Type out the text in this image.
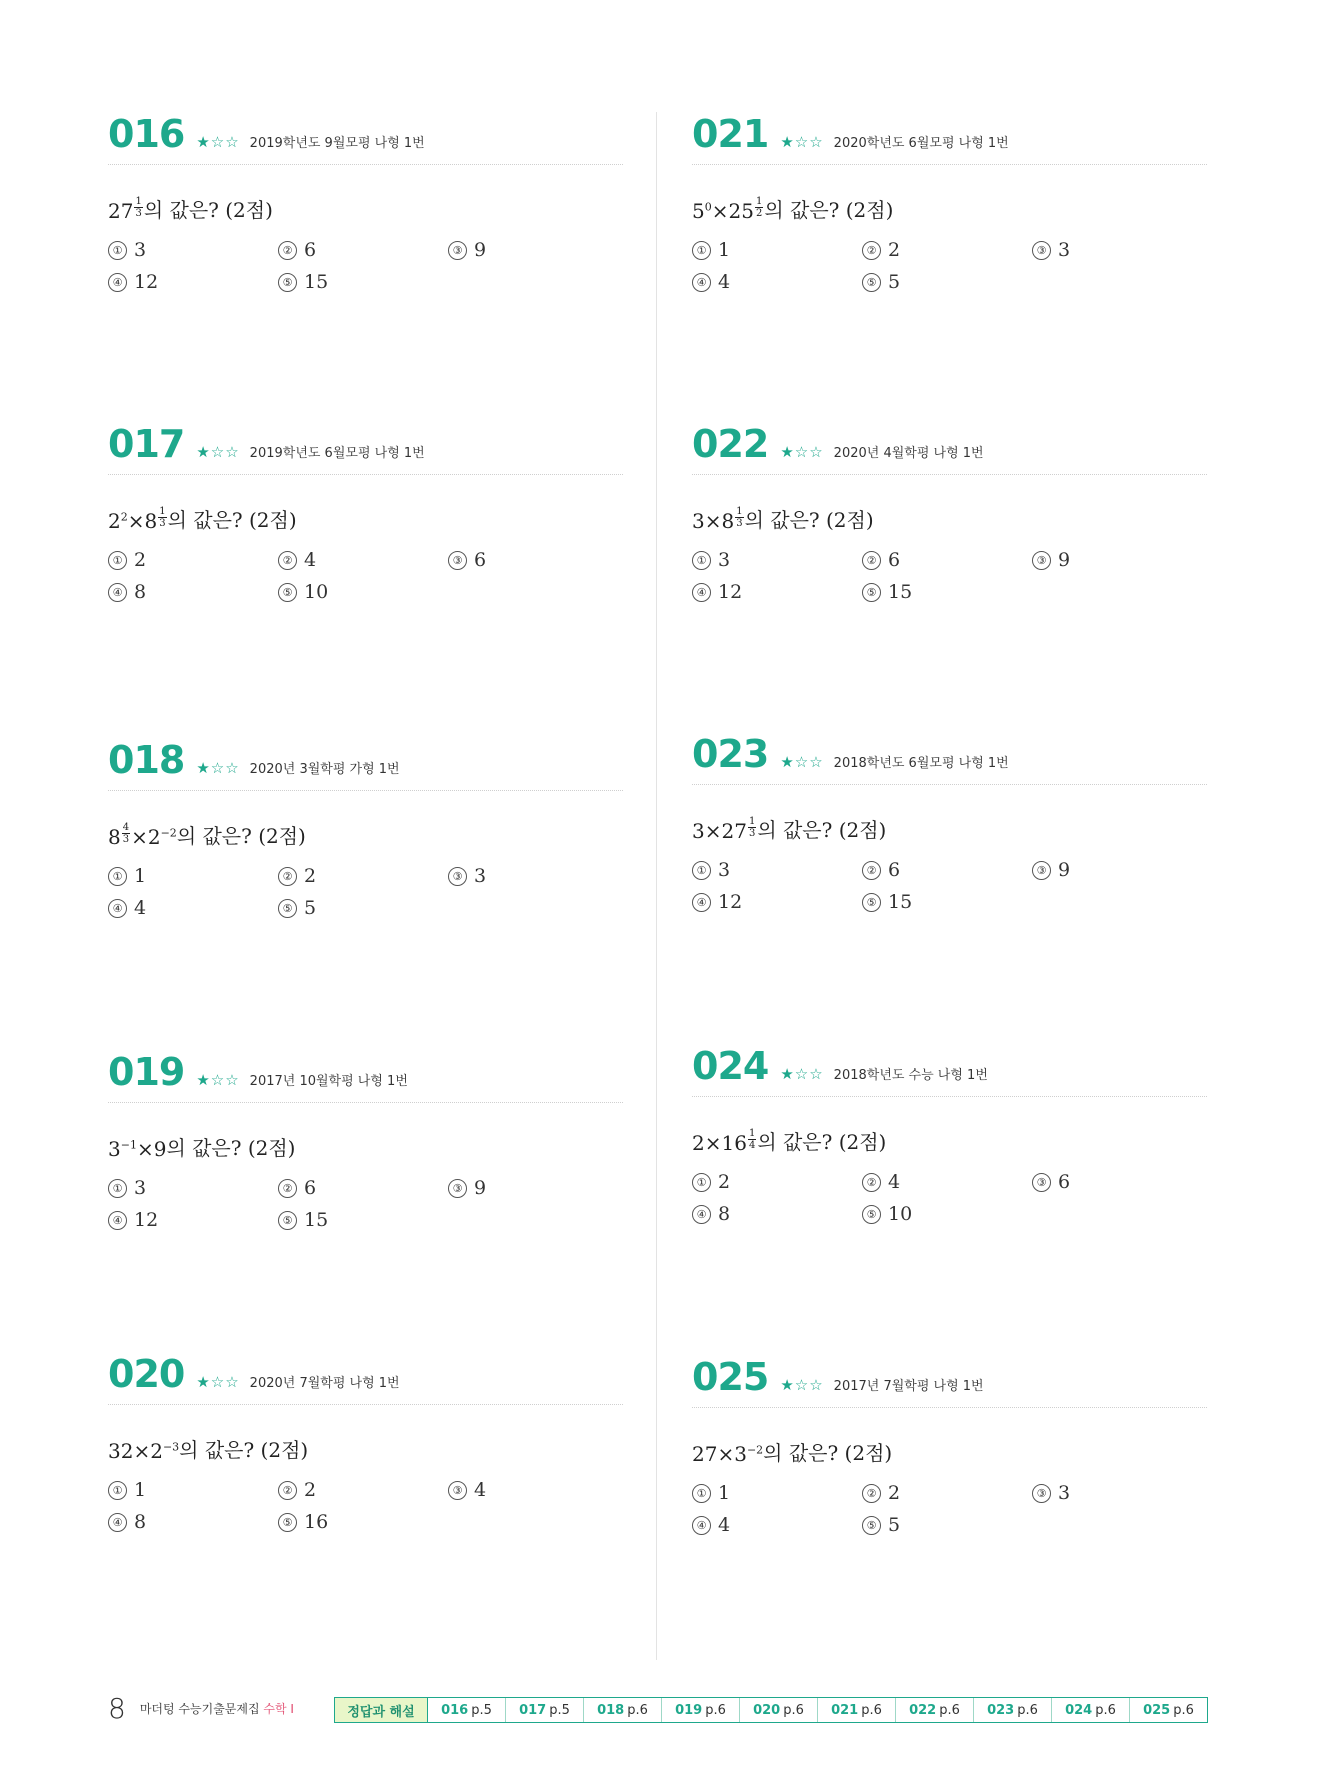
016 ★☆☆ 2019학년도 9월모평 나형 1번
$27 \frac{1}{3}$ 의 값은? (2점)
① 3	② 6	③ 9
④ 12	⑤ 15
017 ★☆☆ 2019학년도 6월모평 나형 1번
$2^2\times 8 \frac{1}{3}$ 의 값은? (2점)
① 2	② 4	③ 6
④ 8	⑤ 10
018 ★☆☆ 2020년 3월학평 가형 1번
$8 \frac{4}{3} \times 2^{-2}$ 의 값은? (2점)
① 1	② 2	③ 3
④ 4	⑤ 5
019 ★☆☆ 2017년 10월학평 나형 1번
$3^{-1}\times 9$ 의 값은? (2점)
① 3	② 6	③ 9
④ 12	⑤ 15
020 ★☆☆ 2020년 7월학평 나형 1번
$32\times 2^{-3}$ 의 값은? (2점)
① 1	② 2	③ 4
④ 8	⑤ 16
021 ★☆☆ 2020학년도 6월모평 나형 1번
$5^0\times 25 \frac{1}{2}$ 의 값은? (2점)
① 1	② 2	③ 3
④ 4	⑤ 5
022 ★☆☆ 2020년 4월학평 나형 1번
$3\times 8 \frac{1}{3}$ 의 값은? (2점)
① 3	② 6	③ 9
④ 12	⑤ 15
023 ★☆☆ 2018학년도 6월모평 나형 1번
$3\times 27 \frac{1}{3}$ 의 값은? (2점)
① 3	② 6	③ 9
④ 12	⑤ 15
024 ★☆☆ 2018학년도 수능 나형 1번
$2\times 16 \frac{1}{4}$ 의 값은? (2점)
① 2	② 4	③ 6
④ 8	⑤ 10
025 ★☆☆ 2017년 7월학평 나형 1번
$27\times 3^{-2}$ 의 값은? (2점)
① 1	② 2	③ 3
④ 4	⑤ 5
8 마더텅 수능기출문제집 수학 Ⅰ	정답과 해설	016 p.5 017 p.5 018 p.6 019 p.6 020 p.6 021 p.6 022 p.6 023 p.6 024 p.6 025 p.6
